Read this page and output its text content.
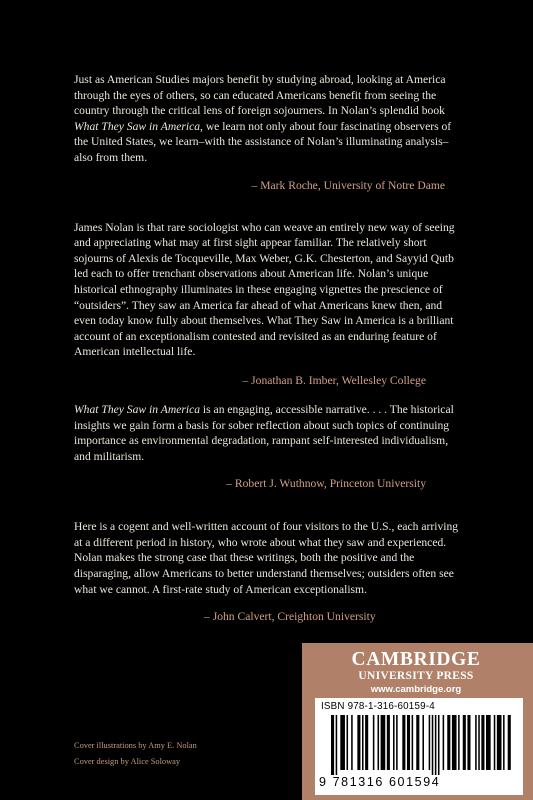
Just as American Studies majors benefit by studying abroad, looking at America through the eyes of others, so can educated Americans benefit from seeing the country through the critical lens of foreign sojourners. In Nolan’s splendid book What They Saw in America, we learn not only about four fascinating observers of the United States, we learn–with the assistance of Nolan’s illuminating analysis–also from them.

– Mark Roche, University of Notre Dame

James Nolan is that rare sociologist who can weave an entirely new way of seeing and appreciating what may at first sight appear familiar. The relatively short sojourns of Alexis de Tocqueville, Max Weber, G.K. Chesterton, and Sayyid Qutb led each to offer trenchant observations about American life. Nolan’s unique historical ethnography illuminates in these engaging vignettes the prescience of “outsiders”. They saw an America far ahead of what Americans knew then, and even today know fully about themselves. What They Saw in America is a brilliant account of an exceptionalism contested and revisited as an enduring feature of American intellectual life.

– Jonathan B. Imber, Wellesley College

What They Saw in America is an engaging, accessible narrative. . . . The historical insights we gain form a basis for sober reflection about such topics of continuing importance as environmental degradation, rampant self-interested individualism, and militarism.

– Robert J. Wuthnow, Princeton University

Here is a cogent and well-written account of four visitors to the U.S., each arriving at a different period in history, who wrote about what they saw and experienced. Nolan makes the strong case that these writings, both the positive and the disparaging, allow Americans to better understand themselves; outsiders often see what we cannot. A first-rate study of American exceptionalism.

– John Calvert, Creighton University

Cover illustrations by Amy E. Nolan
Cover design by Alice Soloway
CAMBRIDGE
UNIVERSITY PRESS
www.cambridge.org
ISBN 978-1-316-60159-4
9 781316 601594
